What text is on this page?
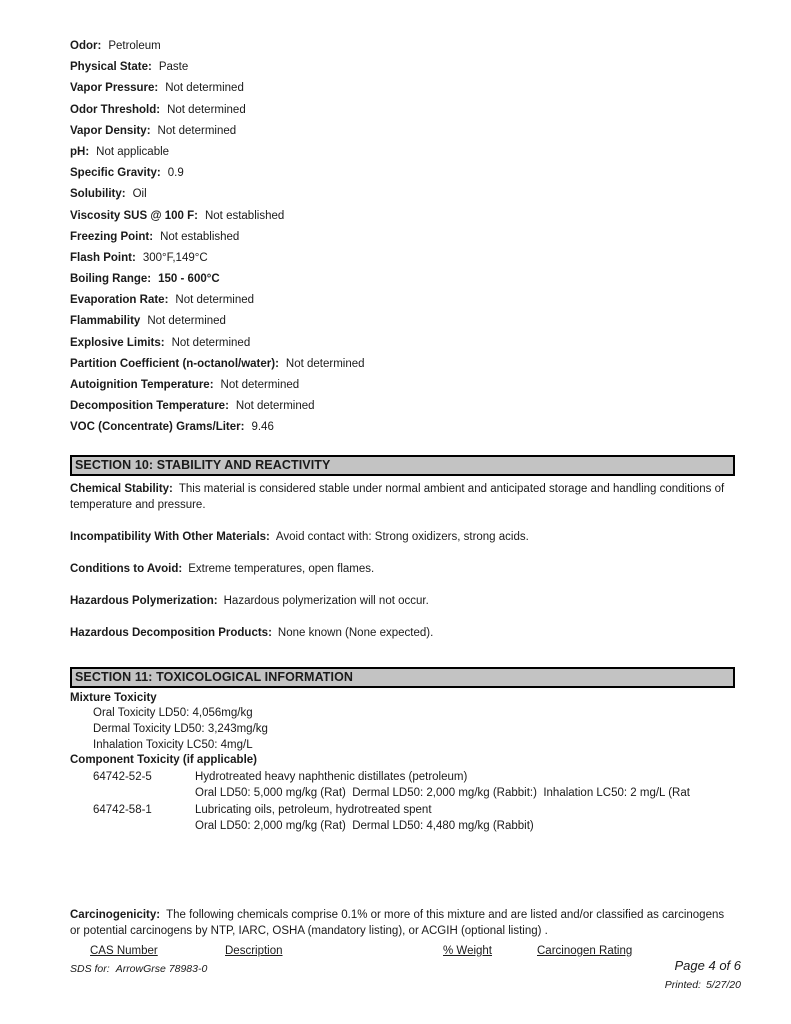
Odor: Petroleum
Physical State: Paste
Vapor Pressure: Not determined
Odor Threshold: Not determined
Vapor Density: Not determined
pH: Not applicable
Specific Gravity: 0.9
Solubility: Oil
Viscosity SUS @ 100 F: Not established
Freezing Point: Not established
Flash Point: 300°F,149°C
Boiling Range: 150 - 600°C
Evaporation Rate: Not determined
Flammability Not determined
Explosive Limits: Not determined
Partition Coefficient (n-octanol/water): Not determined
Autoignition Temperature: Not determined
Decomposition Temperature: Not determined
VOC (Concentrate) Grams/Liter: 9.46
SECTION 10: STABILITY AND REACTIVITY
Chemical Stability: This material is considered stable under normal ambient and anticipated storage and handling conditions of temperature and pressure.
Incompatibility With Other Materials: Avoid contact with: Strong oxidizers, strong acids.
Conditions to Avoid: Extreme temperatures, open flames.
Hazardous Polymerization: Hazardous polymerization will not occur.
Hazardous Decomposition Products: None known (None expected).
SECTION 11: TOXICOLOGICAL INFORMATION
Mixture Toxicity
Oral Toxicity LD50: 4,056mg/kg
Dermal Toxicity LD50: 3,243mg/kg
Inhalation Toxicity LC50: 4mg/L
Component Toxicity (if applicable)
64742-52-5	Hydrotreated heavy naphthenic distillates (petroleum)
Oral LD50: 5,000 mg/kg (Rat)  Dermal LD50: 2,000 mg/kg (Rabbit:)  Inhalation LC50: 2 mg/L (Rat
64742-58-1	Lubricating oils, petroleum, hydrotreated spent
Oral LD50: 2,000 mg/kg (Rat)  Dermal LD50: 4,480 mg/kg (Rabbit)
Carcinogenicity: The following chemicals comprise 0.1% or more of this mixture and are listed and/or classified as carcinogens or potential carcinogens by NTP, IARC, OSHA (mandatory listing), or ACGIH (optional listing) .
CAS Number	Description	% Weight	Carcinogen Rating
SDS for: ArrowGrse 78983-0	Page 4 of 6
Printed: 5/27/20
